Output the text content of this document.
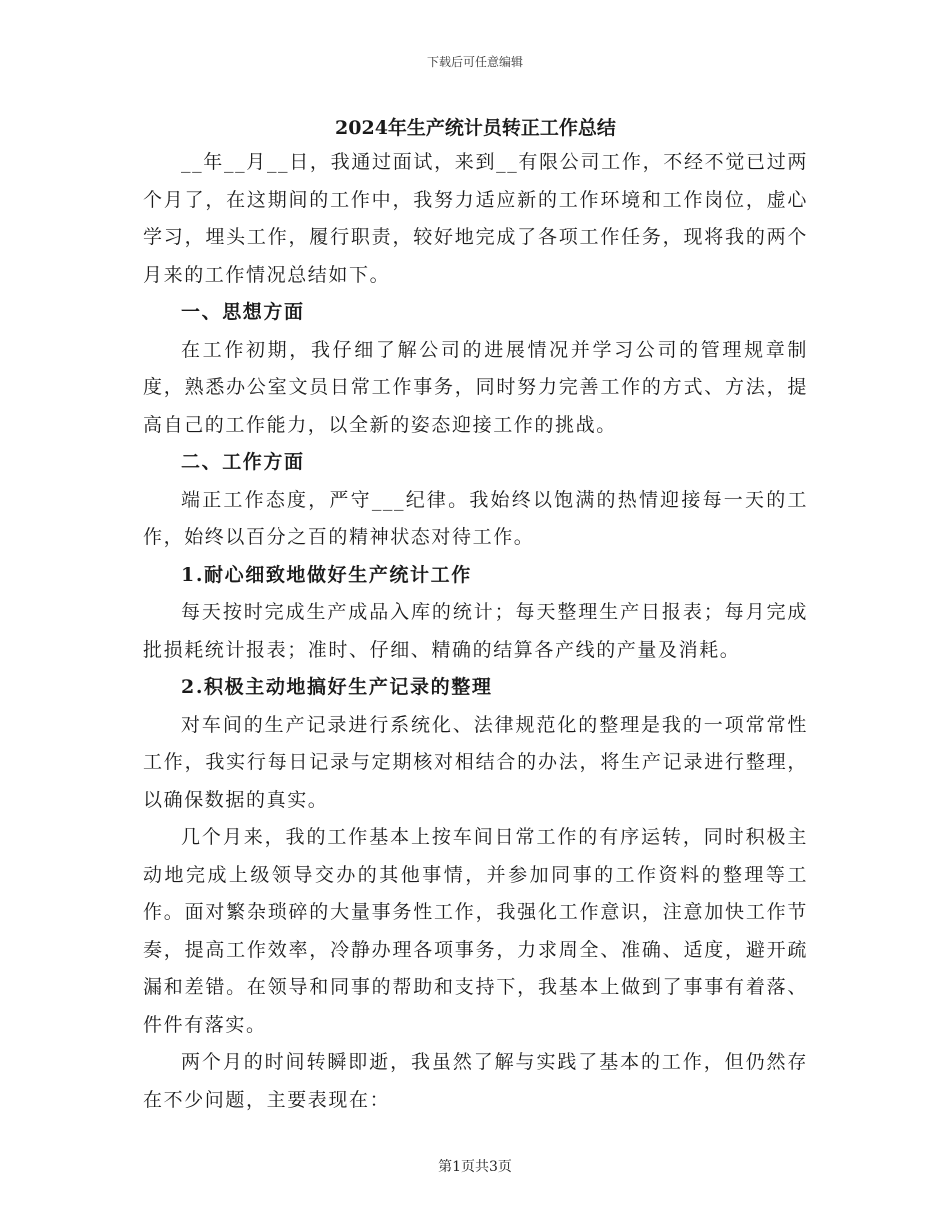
下载后可任意编辑
2024年生产统计员转正工作总结

__年__月__日，我通过面试，来到__有限公司工作，不经不觉已过两个月了，在这期间的工作中，我努力适应新的工作环境和工作岗位，虚心学习，埋头工作，履行职责，较好地完成了各项工作任务，现将我的两个月来的工作情况总结如下。

一、思想方面

在工作初期，我仔细了解公司的进展情况并学习公司的管理规章制度，熟悉办公室文员日常工作事务，同时努力完善工作的方式、方法，提高自己的工作能力，以全新的姿态迎接工作的挑战。

二、工作方面

端正工作态度，严守___纪律。我始终以饱满的热情迎接每一天的工作，始终以百分之百的精神状态对待工作。

1.耐心细致地做好生产统计工作

每天按时完成生产成品入库的统计；每天整理生产日报表；每月完成批损耗统计报表；准时、仔细、精确的结算各产线的产量及消耗。

2.积极主动地搞好生产记录的整理

对车间的生产记录进行系统化、法律规范化的整理是我的一项常常性工作，我实行每日记录与定期核对相结合的办法，将生产记录进行整理，以确保数据的真实。

几个月来，我的工作基本上按车间日常工作的有序运转，同时积极主动地完成上级领导交办的其他事情，并参加同事的工作资料的整理等工作。面对繁杂琐碎的大量事务性工作，我强化工作意识，注意加快工作节奏，提高工作效率，冷静办理各项事务，力求周全、准确、适度，避开疏漏和差错。在领导和同事的帮助和支持下，我基本上做到了事事有着落、件件有落实。

两个月的时间转瞬即逝，我虽然了解与实践了基本的工作，但仍然存在不少问题，主要表现在：

第1页共3页
